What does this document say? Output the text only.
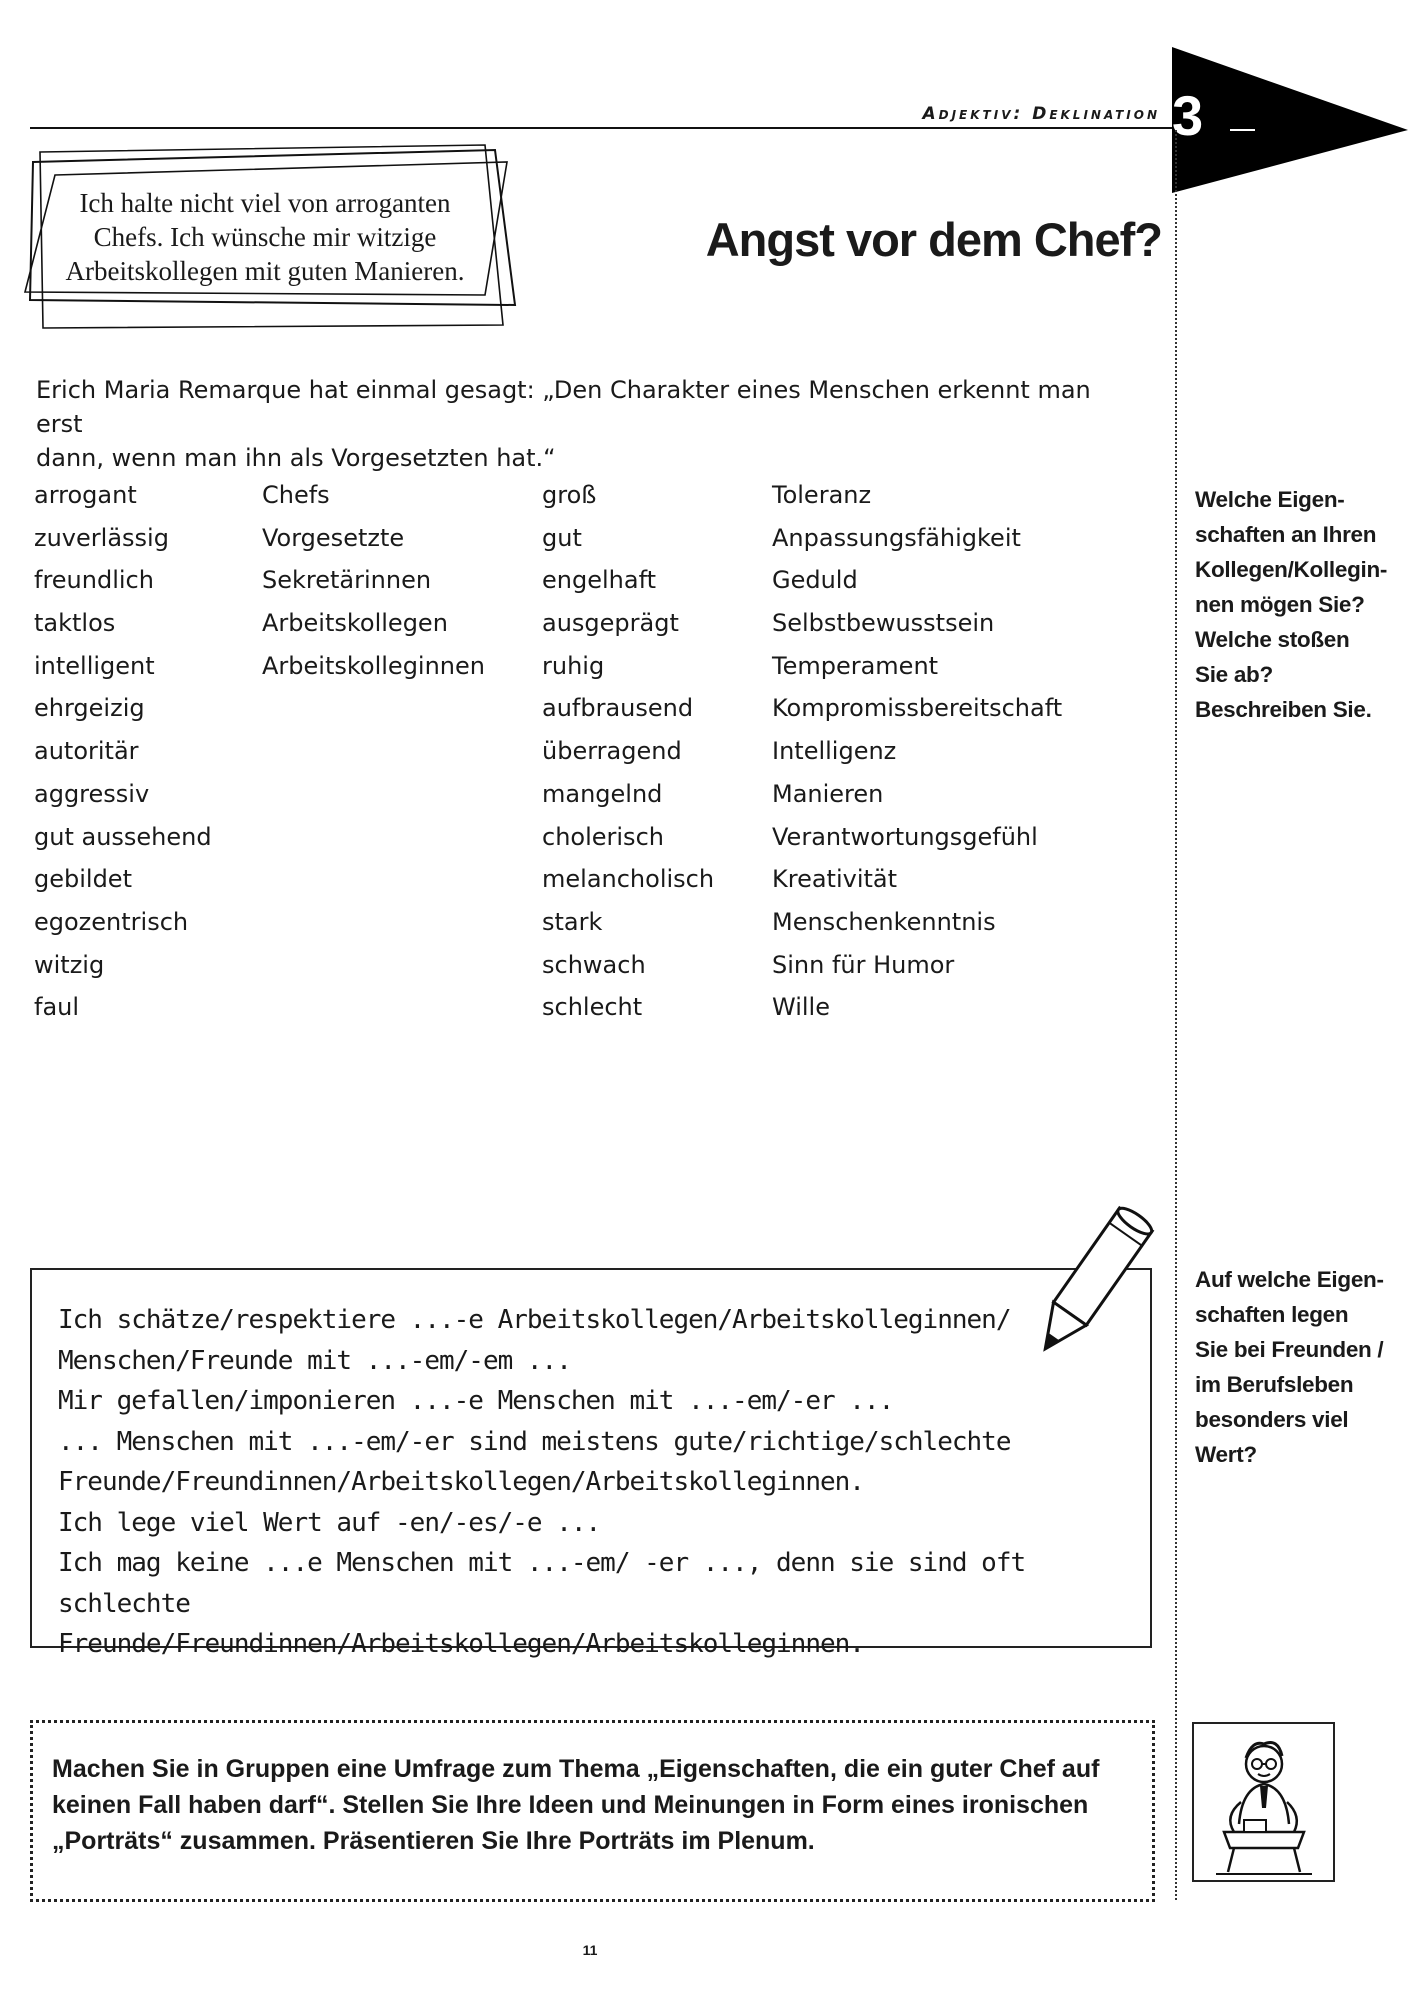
Adjektiv: Deklination 3
Ich halte nicht viel von arroganten
Chefs. Ich wünsche mir witzige
Arbeitskollegen mit guten Manieren.
Angst vor dem Chef?
Erich Maria Remarque hat einmal gesagt: „Den Charakter eines Menschen erkennt man erst
dann, wenn man ihn als Vorgesetzten hat.“
arrogant
zuverlässig
freundlich
taktlos
intelligent
ehrgeizig
autoritär
aggressiv
gut aussehend
gebildet
egozentrisch
witzig
faul
Chefs
Vorgesetzte
Sekretärinnen
Arbeitskollegen
Arbeitskolleginnen
groß
gut
engelhaft
ausgeprägt
ruhig
aufbrausend
überragend
mangelnd
cholerisch
melancholisch
stark
schwach
schlecht
Toleranz
Anpassungsfähigkeit
Geduld
Selbstbewusstsein
Temperament
Kompromissbereitschaft
Intelligenz
Manieren
Verantwortungsgefühl
Kreativität
Menschenkenntnis
Sinn für Humor
Wille
Welche Eigen-
schaften an Ihren
Kollegen/Kollegin-
nen mögen Sie?
Welche stoßen
Sie ab?
Beschreiben Sie.
Ich schätze/respektiere ...-e Arbeitskollegen/Arbeitskolleginnen/
Menschen/Freunde mit ...-em/-em ...
Mir gefallen/imponieren ...-e Menschen mit ...-em/-er ...
... Menschen mit ...-em/-er sind meistens gute/richtige/schlechte
Freunde/Freundinnen/Arbeitskollegen/Arbeitskolleginnen.
Ich lege viel Wert auf -en/-es/-e ...
Ich mag keine ...e Menschen mit ...-em/ -er ..., denn sie sind oft schlechte
Freunde/Freundinnen/Arbeitskollegen/Arbeitskolleginnen.
Auf welche Eigen-
schaften legen
Sie bei Freunden /
im Berufsleben
besonders viel
Wert?
Machen Sie in Gruppen eine Umfrage zum Thema „Eigenschaften, die ein guter Chef auf
keinen Fall haben darf“. Stellen Sie Ihre Ideen und Meinungen in Form eines ironischen
„Porträts“ zusammen. Präsentieren Sie Ihre Porträts im Plenum.
11
